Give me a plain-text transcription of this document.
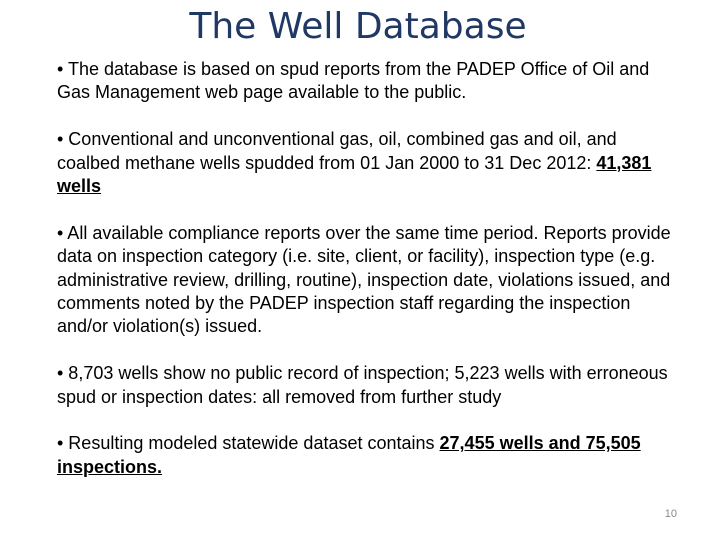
The Well Database
• The database is based on spud reports from the PADEP Office of Oil and Gas Management web page available to the public.
• Conventional and unconventional gas, oil, combined gas and oil, and coalbed methane wells spudded from 01 Jan 2000 to 31 Dec 2012: 41,381 wells
• All available compliance reports over the same time period. Reports provide data on inspection category (i.e. site, client, or facility), inspection type (e.g. administrative review, drilling, routine), inspection date, violations issued, and comments noted by the PADEP inspection staff regarding the inspection and/or violation(s) issued.
• 8,703 wells show no public record of inspection; 5,223 wells with erroneous spud or inspection dates: all removed from further study
• Resulting modeled statewide dataset contains 27,455 wells and 75,505 inspections.
10
